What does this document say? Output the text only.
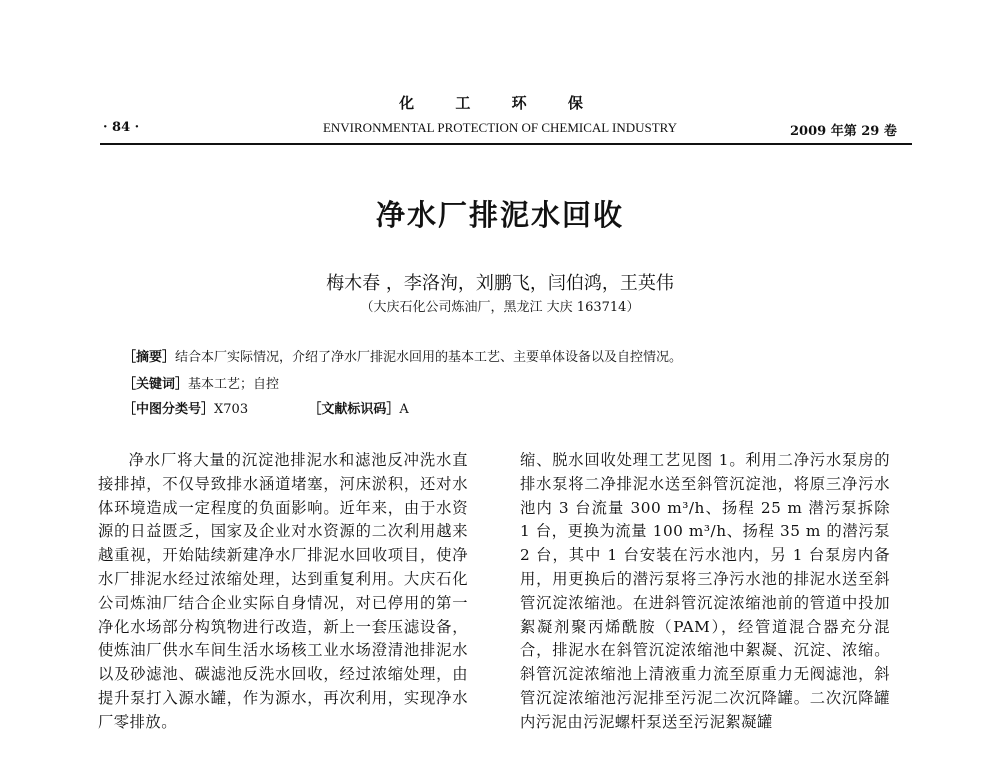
化 工 环 保
· 84 ·	ENVIRONMENTAL PROTECTION OF CHEMICAL INDUSTRY	2009 年第 29 卷
净水厂排泥水回收
梅木春 ，李洛洵，刘鹏飞，闫伯鸿，王英伟
（大庆石化公司炼油厂，黑龙江 大庆 163714）
［摘要］结合本厂实际情况，介绍了净水厂排泥水回用的基本工艺、主要单体设备以及自控情况。
［关键词］基本工艺；自控
［中图分类号］X703	［文献标识码］A

净水厂将大量的沉淀池排泥水和滤池反冲洗水直接排掉，不仅导致排水涵道堵塞，河床淤积，还对水体环境造成一定程度的负面影响。近年来，由于水资源的日益匮乏，国家及企业对水资源的二次利用越来越重视，开始陆续新建净水厂排泥水回收项目，使净水厂排泥水经过浓缩处理，达到重复利用。大庆石化公司炼油厂结合企业实际自身情况，对已停用的第一净化水场部分构筑物进行改造，新上一套压滤设备，使炼油厂供水车间生活水场核工业水场澄清池排泥水以及砂滤池、碳滤池反洗水回收，经过浓缩处理，由提升泵打入源水罐，作为源水，再次利用，实现净水厂零排放。

缩、脱水回收处理工艺见图 1。利用二净污水泵房的排水泵将二净排泥水送至斜管沉淀池，将原三净污水池内 3 台流量 300 m³/h、扬程 25 m 潜污泵拆除 1 台，更换为流量 100 m³/h、扬程 35 m 的潜污泵 2 台，其中 1 台安装在污水池内，另 1 台泵房内备用，用更换后的潜污泵将三净污水池的排泥水送至斜管沉淀浓缩池。在进斜管沉淀浓缩池前的管道中投加絮凝剂聚丙烯酰胺（PAM），经管道混合器充分混合，排泥水在斜管沉淀浓缩池中絮凝、沉淀、浓缩。斜管沉淀浓缩池上清液重力流至原重力无阀滤池，斜管沉淀浓缩池污泥排至污泥二次沉降罐。二次沉降罐内污泥由污泥螺杆泵送至污泥絮凝罐
